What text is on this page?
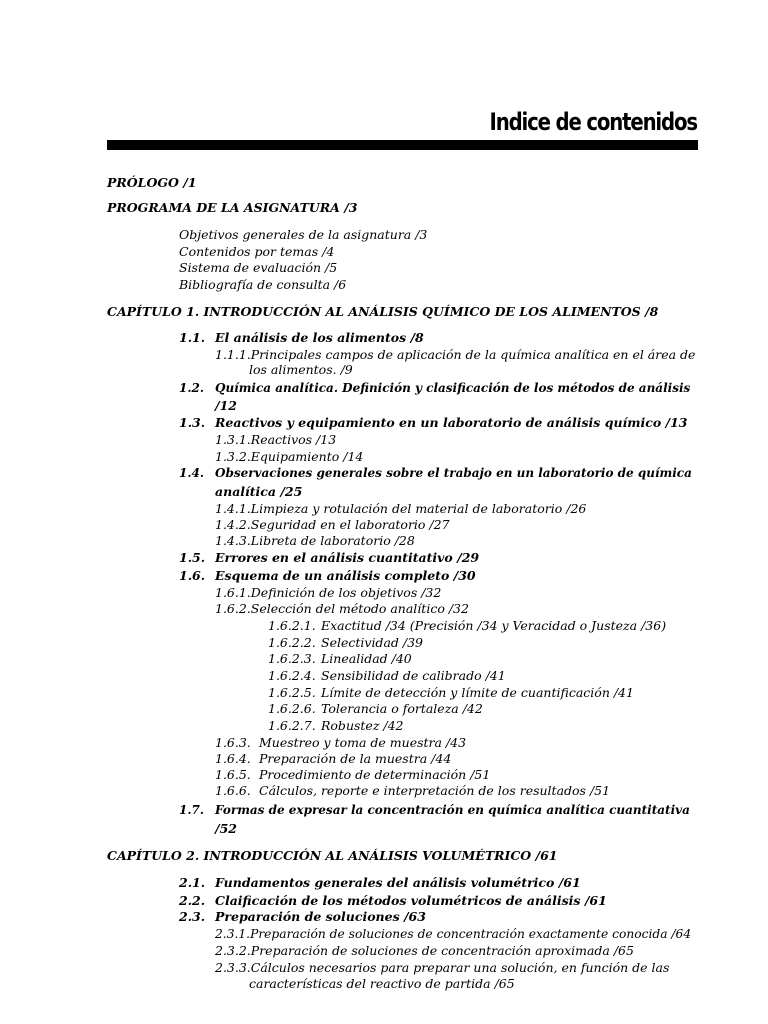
Indice de contenidos

PRÓLOGO /1

PROGRAMA DE LA ASIGNATURA /3

Objetivos generales de la asignatura /3

Contenidos por temas /4

Sistema de evaluación /5

Bibliografía de consulta /6

CAPÍTULO 1. INTRODUCCIÓN AL ANÁLISIS QUÍMICO DE LOS ALIMENTOS /8

1.1. El análisis de los alimentos /8
1.1.1.Principales campos de aplicación de la química analítica en el área de

los alimentos. /9

1.2. Química analítica. Definición y clasificación de los métodos de análisis

/12

1.3. Reactivos y equipamiento en un laboratorio de análisis químico /13
1.3.1.Reactivos /13
1.3.2.Equipamiento /14
1.4. Observaciones generales sobre el trabajo en un laboratorio de química

analítica /25

1.4.1.Limpieza y rotulación del material de laboratorio /26
1.4.2.Seguridad en el laboratorio /27
1.4.3.Libreta de laboratorio /28
1.5. Errores en el análisis cuantitativo /29
1.6. Esquema de un análisis completo /30
1.6.1.Definición de los objetivos /32
1.6.2.Selección del método analítico /32
1.6.2.1. Exactitud /34 (Precisión /34 y Veracidad o Justeza /36)
1.6.2.2. Selectividad /39
1.6.2.3. Linealidad /40
1.6.2.4. Sensibilidad de calibrado /41
1.6.2.5. Límite de detección y límite de cuantificación /41
1.6.2.6. Tolerancia o fortaleza /42
1.6.2.7. Robustez /42
1.6.3. Muestreo y toma de muestra /43
1.6.4. Preparación de la muestra /44
1.6.5. Procedimiento de determinación /51
1.6.6. Cálculos, reporte e interpretación de los resultados /51
1.7. Formas de expresar la concentración en química analítica cuantitativa

/52

CAPÍTULO 2. INTRODUCCIÓN AL ANÁLISIS VOLUMÉTRICO /61

2.1. Fundamentos generales del análisis volumétrico /61
2.2. Claificación de los métodos volumétricos de análisis /61
2.3. Preparación de soluciones /63
2.3.1.Preparación de soluciones de concentración exactamente conocida /64
2.3.2.Preparación de soluciones de concentración aproximada /65
2.3.3.Cálculos necesarios para preparar una solución, en función de las

características del reactivo de partida /65
